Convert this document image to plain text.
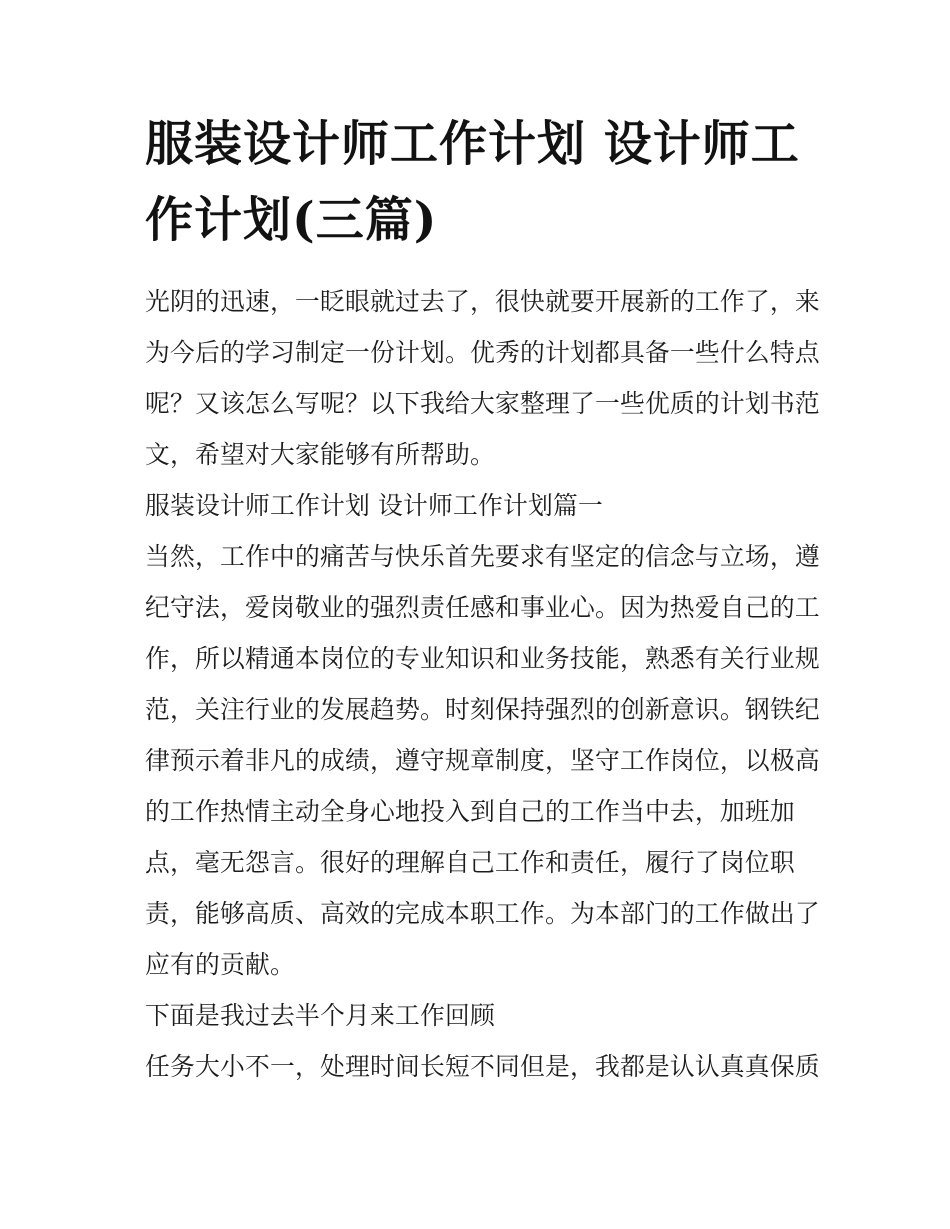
服装设计师工作计划 设计师工
作计划(三篇)
光阴的迅速，一眨眼就过去了，很快就要开展新的工作了，来
为今后的学习制定一份计划。优秀的计划都具备一些什么特点
呢？又该怎么写呢？以下我给大家整理了一些优质的计划书范
文，希望对大家能够有所帮助。
服装设计师工作计划 设计师工作计划篇一
当然，工作中的痛苦与快乐首先要求有坚定的信念与立场，遵
纪守法，爱岗敬业的强烈责任感和事业心。因为热爱自己的工
作，所以精通本岗位的专业知识和业务技能，熟悉有关行业规
范，关注行业的发展趋势。时刻保持强烈的创新意识。钢铁纪
律预示着非凡的成绩，遵守规章制度，坚守工作岗位，以极高
的工作热情主动全身心地投入到自己的工作当中去，加班加
点，毫无怨言。很好的理解自己工作和责任，履行了岗位职
责，能够高质、高效的完成本职工作。为本部门的工作做出了
应有的贡献。
下面是我过去半个月来工作回顾
任务大小不一，处理时间长短不同但是，我都是认认真真保质
